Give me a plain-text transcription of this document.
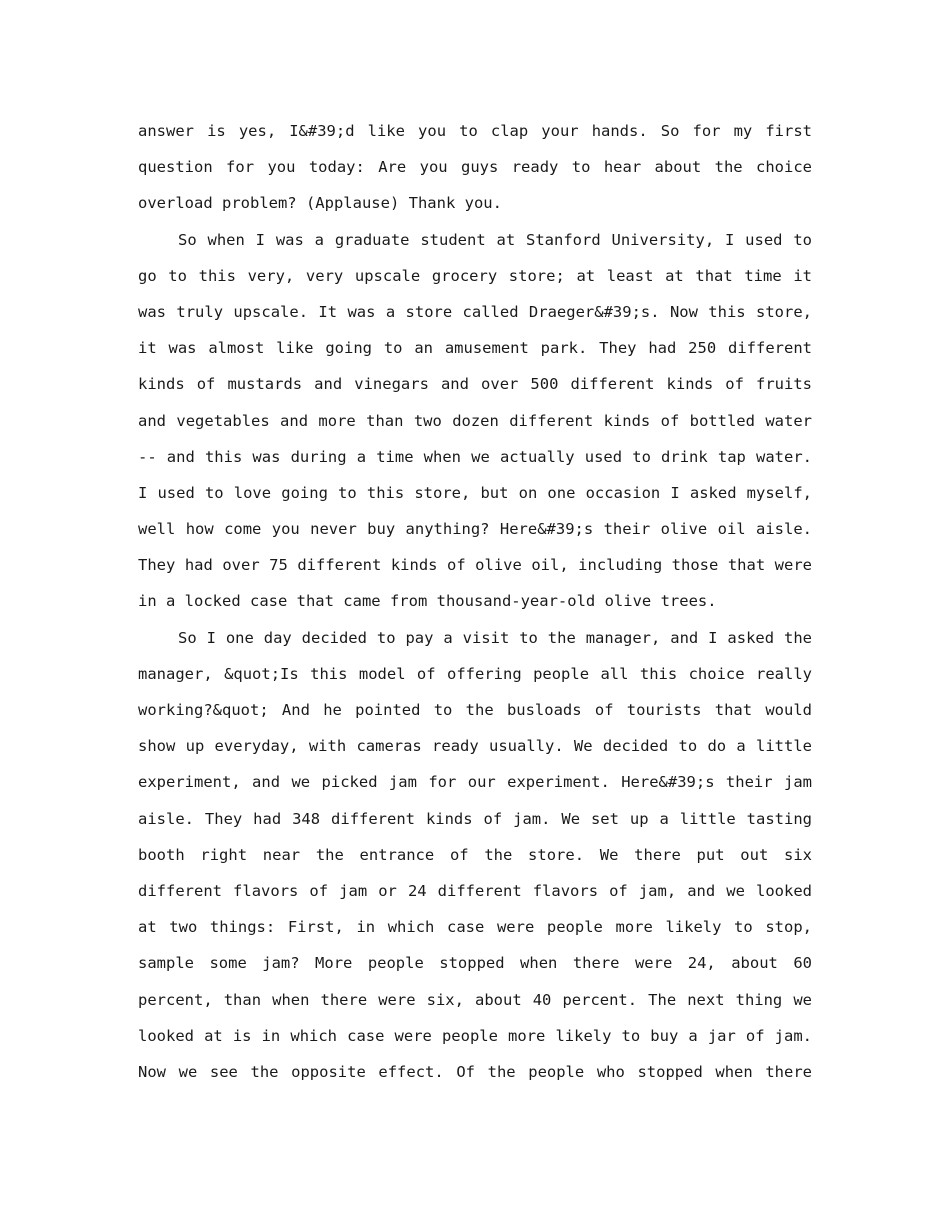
answer is yes, I&#39;d like you to clap your hands. So for my first
question for you today: Are you guys ready to hear about the choice
overload problem? (Applause) Thank you.
So when I was a graduate student at Stanford University, I used to
go to this very, very upscale grocery store; at least at that time it
was truly upscale. It was a store called Draeger&#39;s. Now this store,
it was almost like going to an amusement park. They had 250 different
kinds of mustards and vinegars and over 500 different kinds of fruits
and vegetables and more than two dozen different kinds of bottled water
-- and this was during a time when we actually used to drink tap water.
I used to love going to this store, but on one occasion I asked myself,
well how come you never buy anything? Here&#39;s their olive oil aisle.
They had over 75 different kinds of olive oil, including those that were
in a locked case that came from thousand-year-old olive trees.
So I one day decided to pay a visit to the manager, and I asked the
manager, &quot;Is this model of offering people all this choice really
working?&quot; And he pointed to the busloads of tourists that would
show up everyday, with cameras ready usually. We decided to do a little
experiment, and we picked jam for our experiment. Here&#39;s their jam
aisle. They had 348 different kinds of jam. We set up a little tasting
booth right near the entrance of the store. We there put out six
different flavors of jam or 24 different flavors of jam, and we looked
at two things: First, in which case were people more likely to stop,
sample some jam? More people stopped when there were 24, about 60
percent, than when there were six, about 40 percent. The next thing we
looked at is in which case were people more likely to buy a jar of jam.
Now we see the opposite effect. Of the people who stopped when there
